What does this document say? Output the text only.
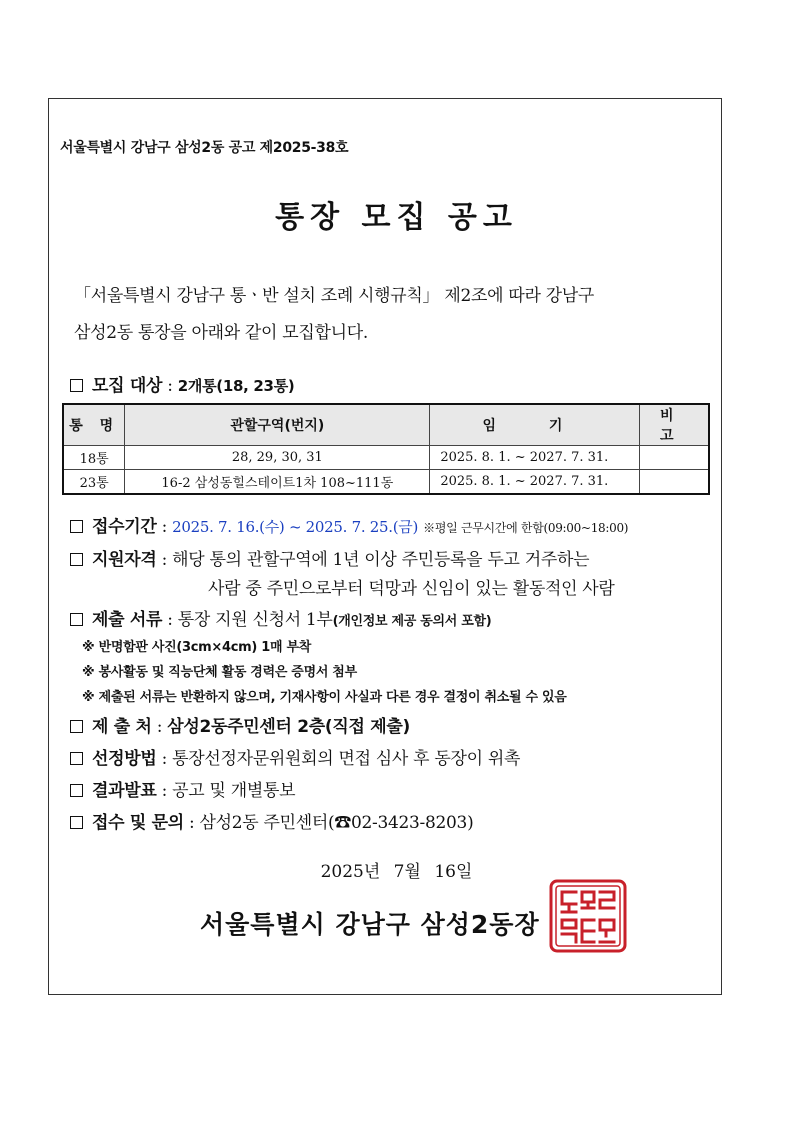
서울특별시 강남구 삼성2동 공고 제2025-38호
통장 모집 공고
「서울특별시 강남구 통ㆍ반 설치 조례 시행규칙」 제2조에 따라 강남구
삼성2동 통장을 아래와 같이 모집합니다.
모집 대상 : 2개통(18, 23통)
통 명	관할구역(번지)	임 기	비 고
18통	28, 29, 30, 31	2025. 8. 1. ~ 2027. 7. 31.	
23통	16-2 삼성동힐스테이트1차 108~111동	2025. 8. 1. ~ 2027. 7. 31.	
접수기간 : 2025. 7. 16.(수) ~ 2025. 7. 25.(금) ※평일 근무시간에 한함(09:00~18:00)
지원자격 : 해당 통의 관할구역에 1년 이상 주민등록을 두고 거주하는
사람 중 주민으로부터 덕망과 신임이 있는 활동적인 사람
제출 서류 : 통장 지원 신청서 1부(개인정보 제공 동의서 포함)
※ 반명함판 사진(3cm×4cm) 1매 부착
※ 봉사활동 및 직능단체 활동 경력은 증명서 첨부
※ 제출된 서류는 반환하지 않으며, 기재사항이 사실과 다른 경우 결정이 취소될 수 있음
제 출 처 : 삼성2동주민센터 2층(직접 제출)
선정방법 : 통장선정자문위원회의 면접 심사 후 동장이 위촉
결과발표 : 공고 및 개별통보
접수 및 문의 : 삼성2동 주민센터(☎02-3423-8203)
2025년 7월 16일
서울특별시 강남구 삼성2동장
